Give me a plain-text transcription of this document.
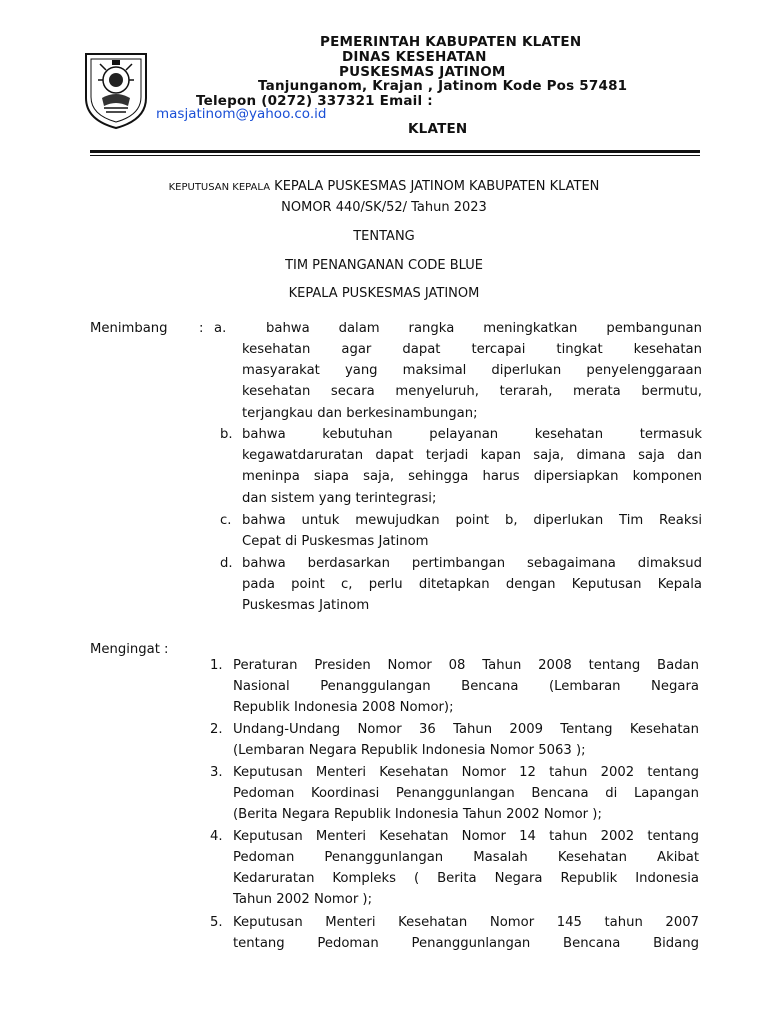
PEMERINTAH KABUPATEN KLATEN
DINAS KESEHATAN
PUSKESMAS JATINOM
Tanjunganom, Krajan , Jatinom Kode Pos 57481
Telepon (0272) 337321 Email :
masjatinom@yahoo.co.id
KLATEN
KEPUTUSAN KEPALA KEPALA PUSKESMAS JATINOM KABUPATEN KLATEN
NOMOR 440/SK/52/ Tahun 2023
TENTANG
TIM PENANGANAN CODE BLUE
KEPALA PUSKESMAS JATINOM
Menimbang : a.	bahwa dalam rangka meningkatkan pembangunan
kesehatan agar dapat tercapai tingkat kesehatan
masyarakat yang maksimal diperlukan penyelenggaraan
kesehatan secara menyeluruh, terarah, merata bermutu,
terjangkau dan berkesinambungan;
b. bahwa kebutuhan pelayanan kesehatan termasuk
kegawatdaruratan dapat terjadi kapan saja, dimana saja dan
meninpa siapa saja, sehingga harus dipersiapkan komponen
dan sistem yang terintegrasi;
c. bahwa untuk mewujudkan point b, diperlukan Tim Reaksi
Cepat di Puskesmas Jatinom
d. bahwa berdasarkan pertimbangan sebagaimana dimaksud
pada point c, perlu ditetapkan dengan Keputusan Kepala
Puskesmas Jatinom
Mengingat :
1. Peraturan Presiden Nomor 08 Tahun 2008 tentang Badan
Nasional Penanggulangan Bencana (Lembaran Negara
Republik Indonesia 2008 Nomor);
2. Undang-Undang Nomor 36 Tahun 2009 Tentang Kesehatan
(Lembaran Negara Republik Indonesia Nomor 5063 );
3. Keputusan Menteri Kesehatan Nomor 12 tahun 2002 tentang
Pedoman Koordinasi Penanggunlangan Bencana di Lapangan
(Berita Negara Republik Indonesia Tahun 2002 Nomor );
4. Keputusan Menteri Kesehatan Nomor 14 tahun 2002 tentang
Pedoman Penanggunlangan Masalah Kesehatan Akibat
Kedaruratan Kompleks ( Berita Negara Republik Indonesia
Tahun 2002 Nomor );
5. Keputusan Menteri Kesehatan Nomor 145 tahun 2007
tentang Pedoman Penanggunlangan Bencana Bidang
